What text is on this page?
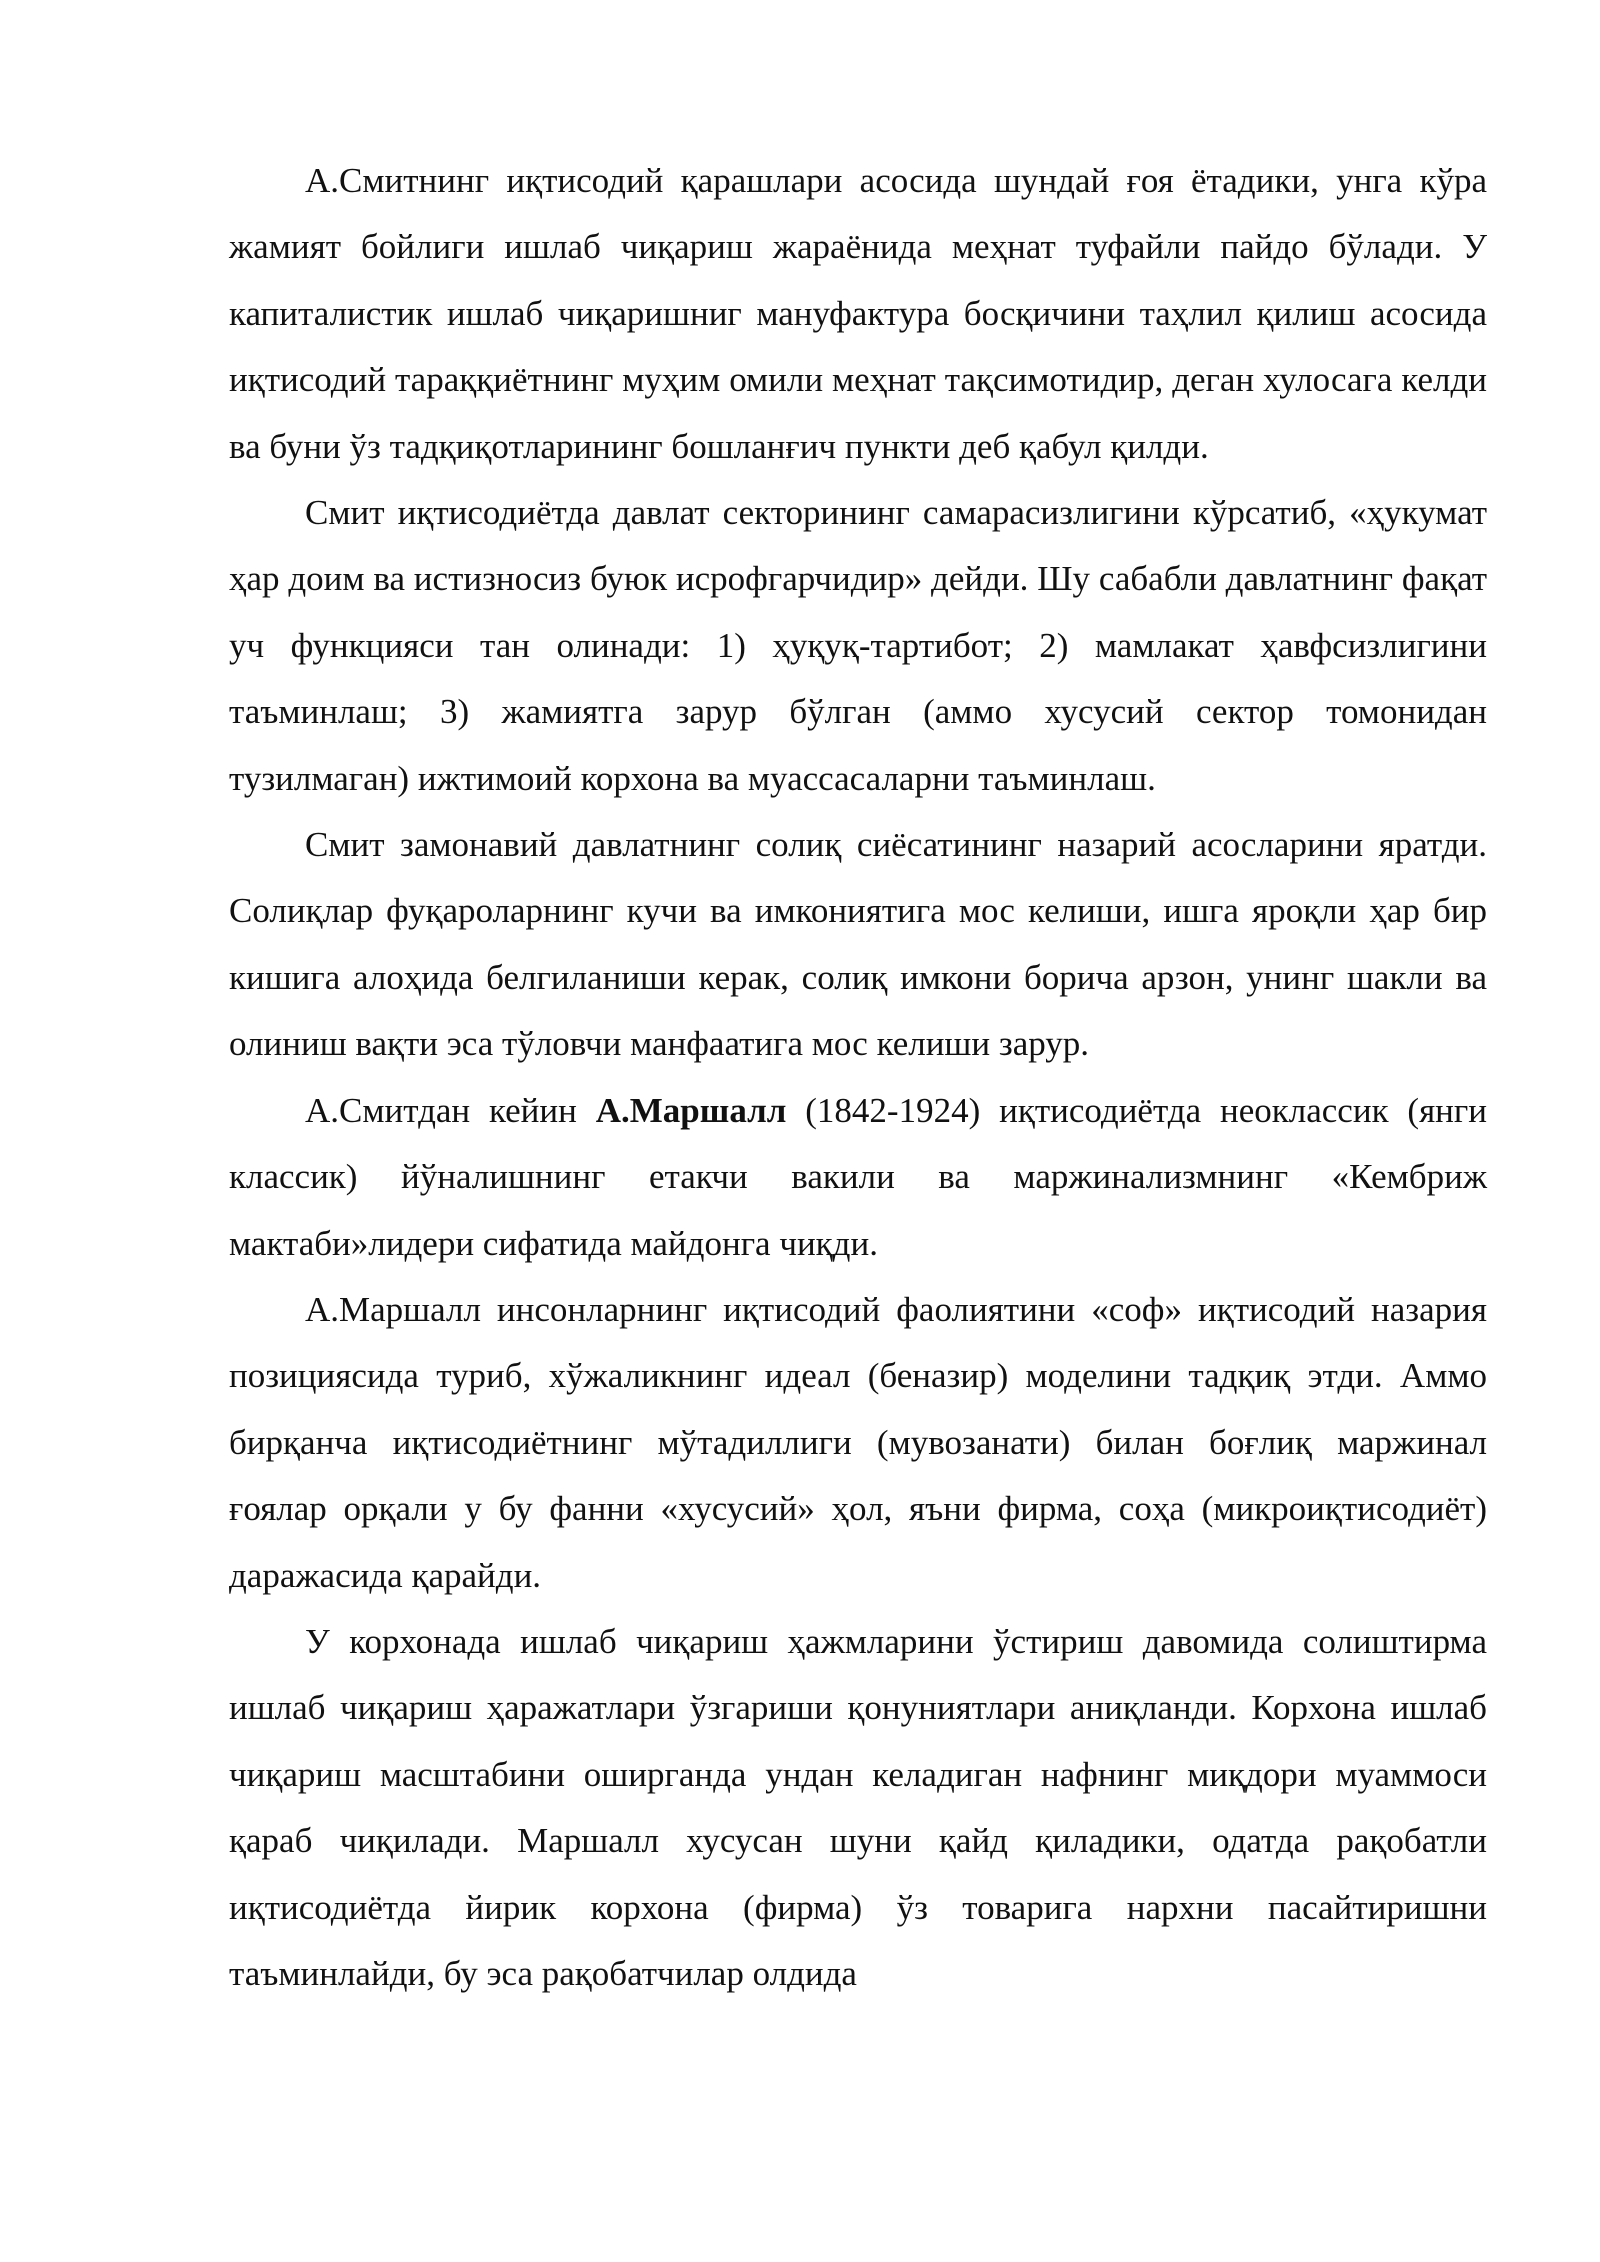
А.Смитнинг иқтисодий қарашлари асосида шундай ғоя ётадики, унга кўра жамият бойлиги ишлаб чиқариш жараёнида меҳнат туфайли пайдо бўлади. У капиталистик ишлаб чиқаришниг мануфактура босқичини таҳлил қилиш асосида иқтисодий тараққиётнинг муҳим омили меҳнат тақсимотидир, деган хулосага келди ва буни ўз тадқиқотларининг бошланғич пункти деб қабул қилди.

Смит иқтисодиётда давлат секторининг самарасизлигини кўрсатиб, «ҳукумат ҳар доим ва истизносиз буюк исрофгарчидир» дейди. Шу сабабли давлатнинг фақат уч функцияси тан олинади: 1) ҳуқуқ-тартибот; 2) мамлакат ҳавфсизлигини таъминлаш; 3) жамиятга зарур бўлган (аммо хусусий сектор томонидан тузилмаган) ижтимоий корхона ва муассасаларни таъминлаш.

Смит замонавий давлатнинг солиқ сиёсатининг назарий асосларини яратди. Солиқлар фуқароларнинг кучи ва имкониятига мос келиши, ишга яроқли ҳар бир кишига алоҳида белгиланиши керак, солиқ имкони борича арзон, унинг шакли ва олиниш вақти эса тўловчи манфаатига мос келиши зарур.

А.Смитдан кейин А.Маршалл (1842-1924) иқтисодиётда неоклассик (янги классик) йўналишнинг етакчи вакили ва маржинализмнинг «Кембриж мактаби»лидери сифатида майдонга чиқди.

А.Маршалл инсонларнинг иқтисодий фаолиятини «соф» иқтисодий назария позициясида туриб, хўжаликнинг идеал (беназир) моделини тадқиқ этди. Аммо бирқанча иқтисодиётнинг мўтадиллиги (мувозанати) билан боғлиқ маржинал ғоялар орқали у бу фанни «хусусий» ҳол, яъни фирма, соҳа (микроиқтисодиёт) даражасида қарайди.

У корхонада ишлаб чиқариш ҳажмларини ўстириш давомида солиштирма ишлаб чиқариш ҳаражатлари ўзгариши қонуниятлари аниқланди. Корхона ишлаб чиқариш масштабини оширганда ундан келадиган нафнинг миқдори муаммоси қараб чиқилади. Маршалл хусусан шуни қайд қиладики, одатда рақобатли иқтисодиётда йирик корхона (фирма) ўз товарига нархни пасайтиришни таъминлайди, бу эса рақобатчилар олдида
